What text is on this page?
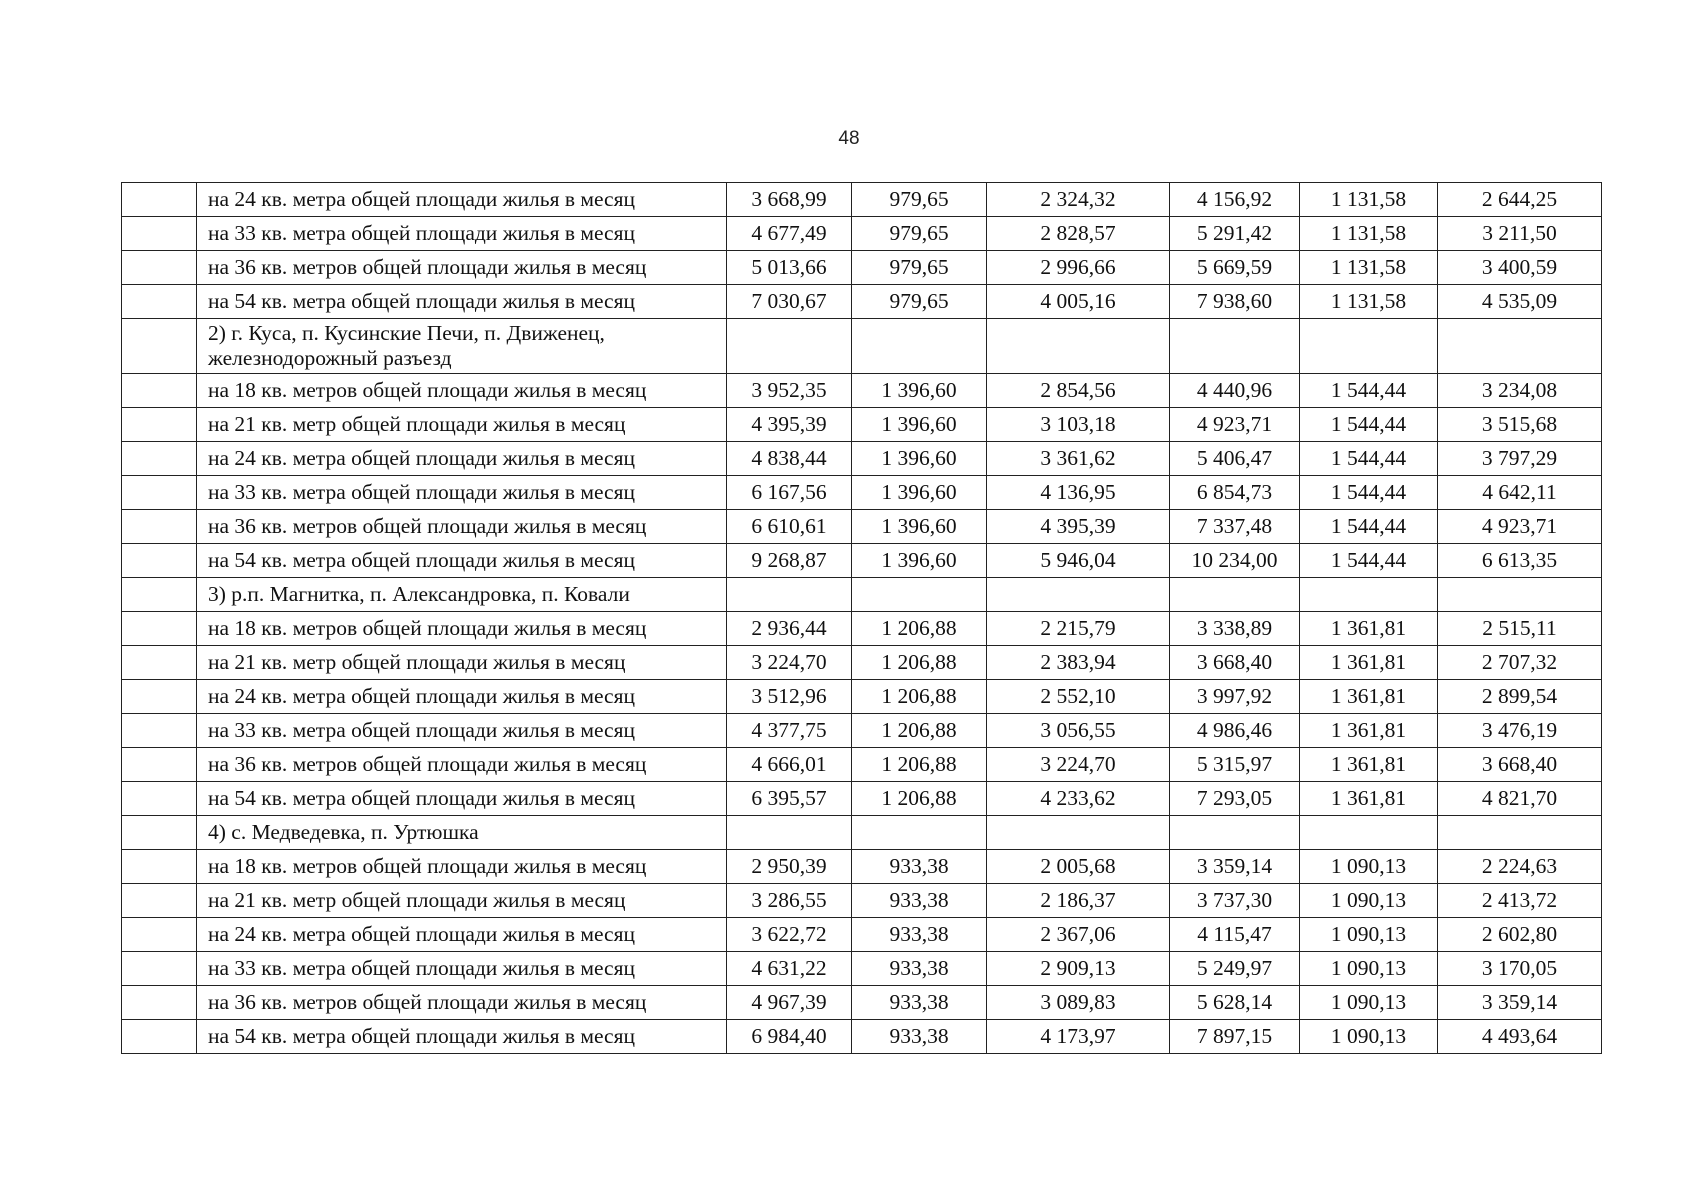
48
	на 24 кв. метра общей площади жилья в месяц	3 668,99	979,65	2 324,32	4 156,92	1 131,58	2 644,25
	на 33 кв. метра общей площади жилья в месяц	4 677,49	979,65	2 828,57	5 291,42	1 131,58	3 211,50
	на 36 кв. метров общей площади жилья в месяц	5 013,66	979,65	2 996,66	5 669,59	1 131,58	3 400,59
	на 54 кв. метра общей площади жилья в месяц	7 030,67	979,65	4 005,16	7 938,60	1 131,58	4 535,09
	2) г. Куса, п. Кусинские Печи, п. Движенец, железнодорожный разъезд						
	на 18 кв. метров общей площади жилья в месяц	3 952,35	1 396,60	2 854,56	4 440,96	1 544,44	3 234,08
	на 21 кв. метр общей площади жилья в месяц	4 395,39	1 396,60	3 103,18	4 923,71	1 544,44	3 515,68
	на 24 кв. метра общей площади жилья в месяц	4 838,44	1 396,60	3 361,62	5 406,47	1 544,44	3 797,29
	на 33 кв. метра общей площади жилья в месяц	6 167,56	1 396,60	4 136,95	6 854,73	1 544,44	4 642,11
	на 36 кв. метров общей площади жилья в месяц	6 610,61	1 396,60	4 395,39	7 337,48	1 544,44	4 923,71
	на 54 кв. метра общей площади жилья в месяц	9 268,87	1 396,60	5 946,04	10 234,00	1 544,44	6 613,35
	3) р.п. Магнитка, п. Александровка, п. Ковали						
	на 18 кв. метров общей площади жилья в месяц	2 936,44	1 206,88	2 215,79	3 338,89	1 361,81	2 515,11
	на 21 кв. метр общей площади жилья в месяц	3 224,70	1 206,88	2 383,94	3 668,40	1 361,81	2 707,32
	на 24 кв. метра общей площади жилья в месяц	3 512,96	1 206,88	2 552,10	3 997,92	1 361,81	2 899,54
	на 33 кв. метра общей площади жилья в месяц	4 377,75	1 206,88	3 056,55	4 986,46	1 361,81	3 476,19
	на 36 кв. метров общей площади жилья в месяц	4 666,01	1 206,88	3 224,70	5 315,97	1 361,81	3 668,40
	на 54 кв. метра общей площади жилья в месяц	6 395,57	1 206,88	4 233,62	7 293,05	1 361,81	4 821,70
	4) с. Медведевка, п. Уртюшка						
	на 18 кв. метров общей площади жилья в месяц	2 950,39	933,38	2 005,68	3 359,14	1 090,13	2 224,63
	на 21 кв. метр общей площади жилья в месяц	3 286,55	933,38	2 186,37	3 737,30	1 090,13	2 413,72
	на 24 кв. метра общей площади жилья в месяц	3 622,72	933,38	2 367,06	4 115,47	1 090,13	2 602,80
	на 33 кв. метра общей площади жилья в месяц	4 631,22	933,38	2 909,13	5 249,97	1 090,13	3 170,05
	на 36 кв. метров общей площади жилья в месяц	4 967,39	933,38	3 089,83	5 628,14	1 090,13	3 359,14
	на 54 кв. метра общей площади жилья в месяц	6 984,40	933,38	4 173,97	7 897,15	1 090,13	4 493,64
